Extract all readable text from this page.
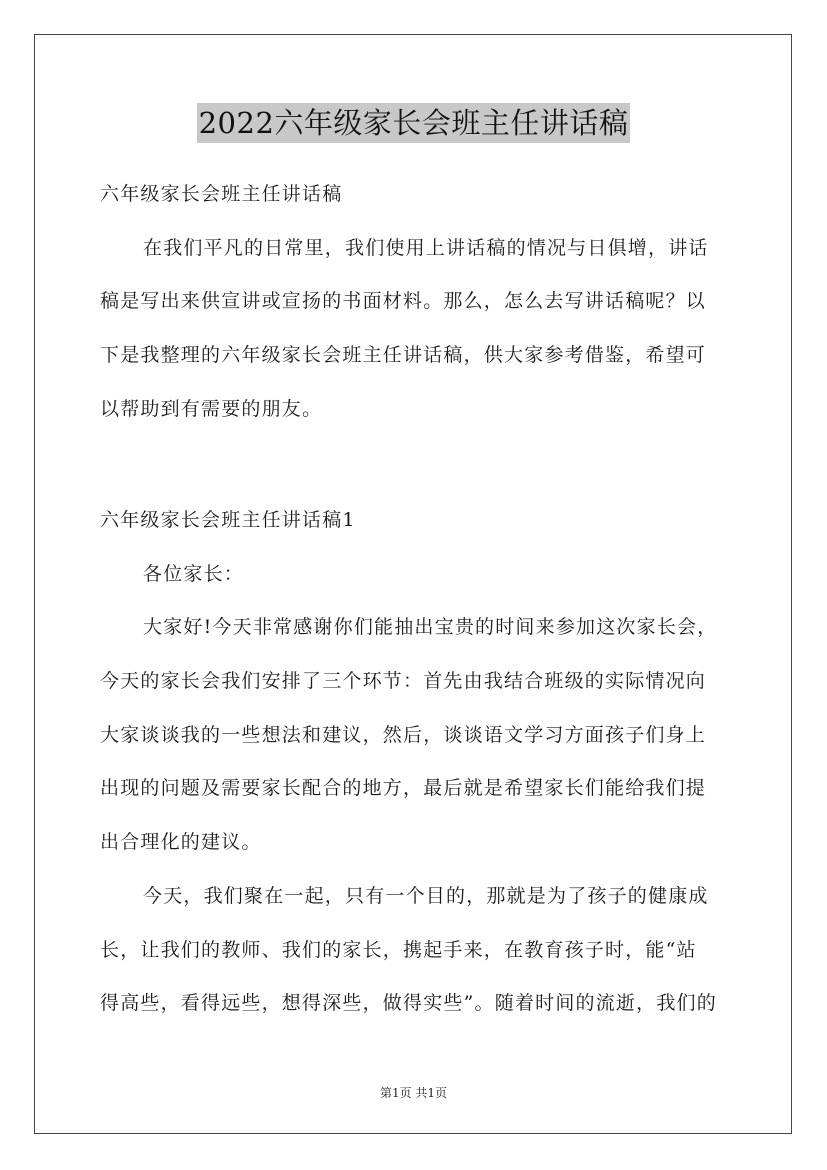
2022六年级家长会班主任讲话稿
六年级家长会班主任讲话稿
在我们平凡的日常里，我们使用上讲话稿的情况与日俱增，讲话
稿是写出来供宣讲或宣扬的书面材料。那么，怎么去写讲话稿呢？以
下是我整理的六年级家长会班主任讲话稿，供大家参考借鉴，希望可
以帮助到有需要的朋友。
六年级家长会班主任讲话稿1
各位家长：
大家好!今天非常感谢你们能抽出宝贵的时间来参加这次家长会，
今天的家长会我们安排了三个环节：首先由我结合班级的实际情况向
大家谈谈我的一些想法和建议，然后，谈谈语文学习方面孩子们身上
出现的问题及需要家长配合的地方，最后就是希望家长们能给我们提
出合理化的建议。
今天，我们聚在一起，只有一个目的，那就是为了孩子的健康成
长，让我们的教师、我们的家长，携起手来，在教育孩子时，能“站
得高些，看得远些，想得深些，做得实些”。随着时间的流逝，我们的
第1页 共1页
